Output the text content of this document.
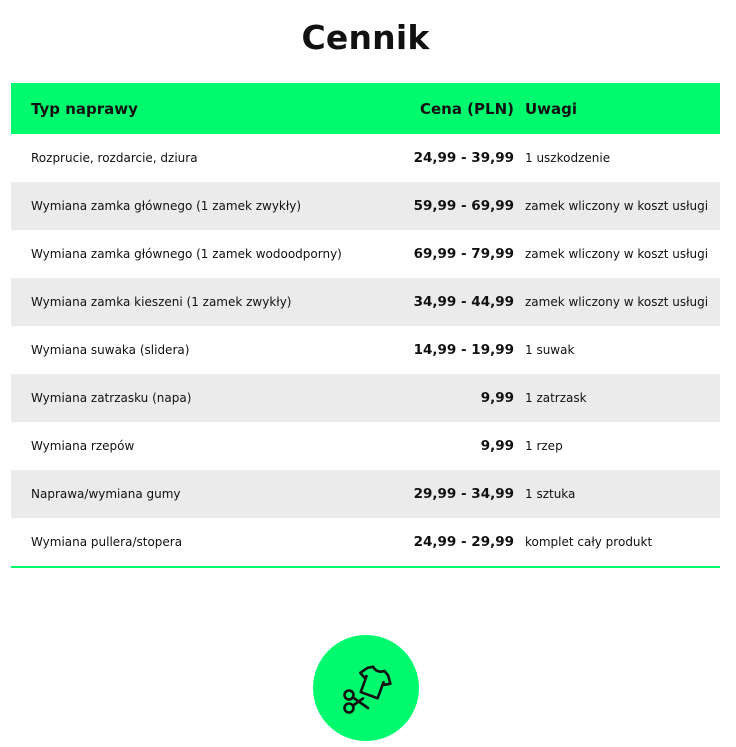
Cennik
Typ naprawy	Cena (PLN)	Uwagi
Rozprucie, rozdarcie, dziura	24,99 - 39,99	1 uszkodzenie
Wymiana zamka głównego (1 zamek zwykły)	59,99 - 69,99	zamek wliczony w koszt usługi
Wymiana zamka głównego (1 zamek wodoodporny)	69,99 - 79,99	zamek wliczony w koszt usługi
Wymiana zamka kieszeni (1 zamek zwykły)	34,99 - 44,99	zamek wliczony w koszt usługi
Wymiana suwaka (slidera)	14,99 - 19,99	1 suwak
Wymiana zatrzasku (napa)	9,99	1 zatrzask
Wymiana rzepów	9,99	1 rzep
Naprawa/wymiana gumy	29,99 - 34,99	1 sztuka
Wymiana pullera/stopera	24,99 - 29,99	komplet cały produkt
